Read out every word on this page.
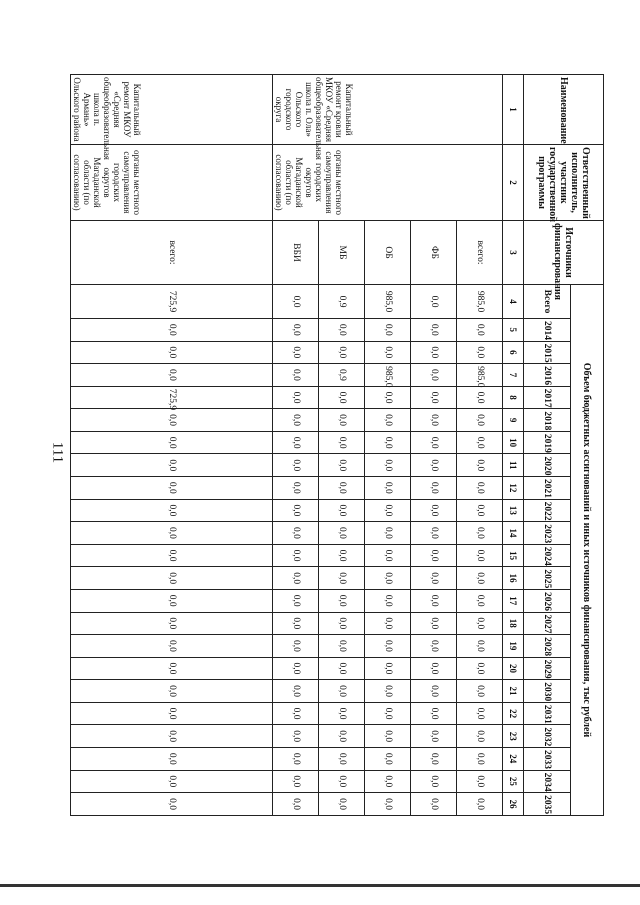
111
Наименование	Ответственный исполнитель, участник государственной программы	Источники финансирования	Объем бюджетных ассигнований и иных источников финансирования, тыс рублей																						
			Всего	2014	2015	2016	2017	2018	2019	2020	2021	2022	2023	2024	2025	2026	2027	2028	2029	2030	2031	2032	2033	2034	2035
1	2	3	4	5	6	7	8	9	10	11	12	13	14	15	16	17	18	19	20	21	22	23	24	25	26
Капитальный ремонт кровли МКОУ «Средняя общеобразовательная школа п. Ола» Ольского городского округа	органы местного самоуправления городских округов Магаданской области (по согласованию)	всего:	985,0	0,0	0,0	985,0	0,0	0,0	0,0	0,0	0,0	0,0	0,0	0,0	0,0	0,0	0,0	0,0	0,0	0,0	0,0	0,0	0,0	0,0	0,0
		ФБ	0,0	0,0	0,0	0,0	0,0	0,0	0,0	0,0	0,0	0,0	0,0	0,0	0,0	0,0	0,0	0,0	0,0	0,0	0,0	0,0	0,0	0,0	0,0
		ОБ	985,0	0,0	0,0	985,0	0,0	0,0	0,0	0,0	0,0	0,0	0,0	0,0	0,0	0,0	0,0	0,0	0,0	0,0	0,0	0,0	0,0	0,0	0,0
		МБ	0,9	0,0	0,0	0,9	0,0	0,0	0,0	0,0	0,0	0,0	0,0	0,0	0,0	0,0	0,0	0,0	0,0	0,0	0,0	0,0	0,0	0,0	0,0
		ВБИ	0,0	0,0	0,0	0,0	0,0	0,0	0,0	0,0	0,0	0,0	0,0	0,0	0,0	0,0	0,0	0,0	0,0	0,0	0,0	0,0	0,0	0,0	0,0
Капитальный ремонт МКОУ «Средняя общеобразовательная школа п. Армань» Ольского района	органы местного самоуправления городских округов Магаданской области (по согласованию)	всего:	725,9	0,0	0,0	0,0	725,9	0,0	0,0	0,0	0,0	0,0	0,0	0,0	0,0	0,0	0,0	0,0	0,0	0,0	0,0	0,0	0,0	0,0	0,0
